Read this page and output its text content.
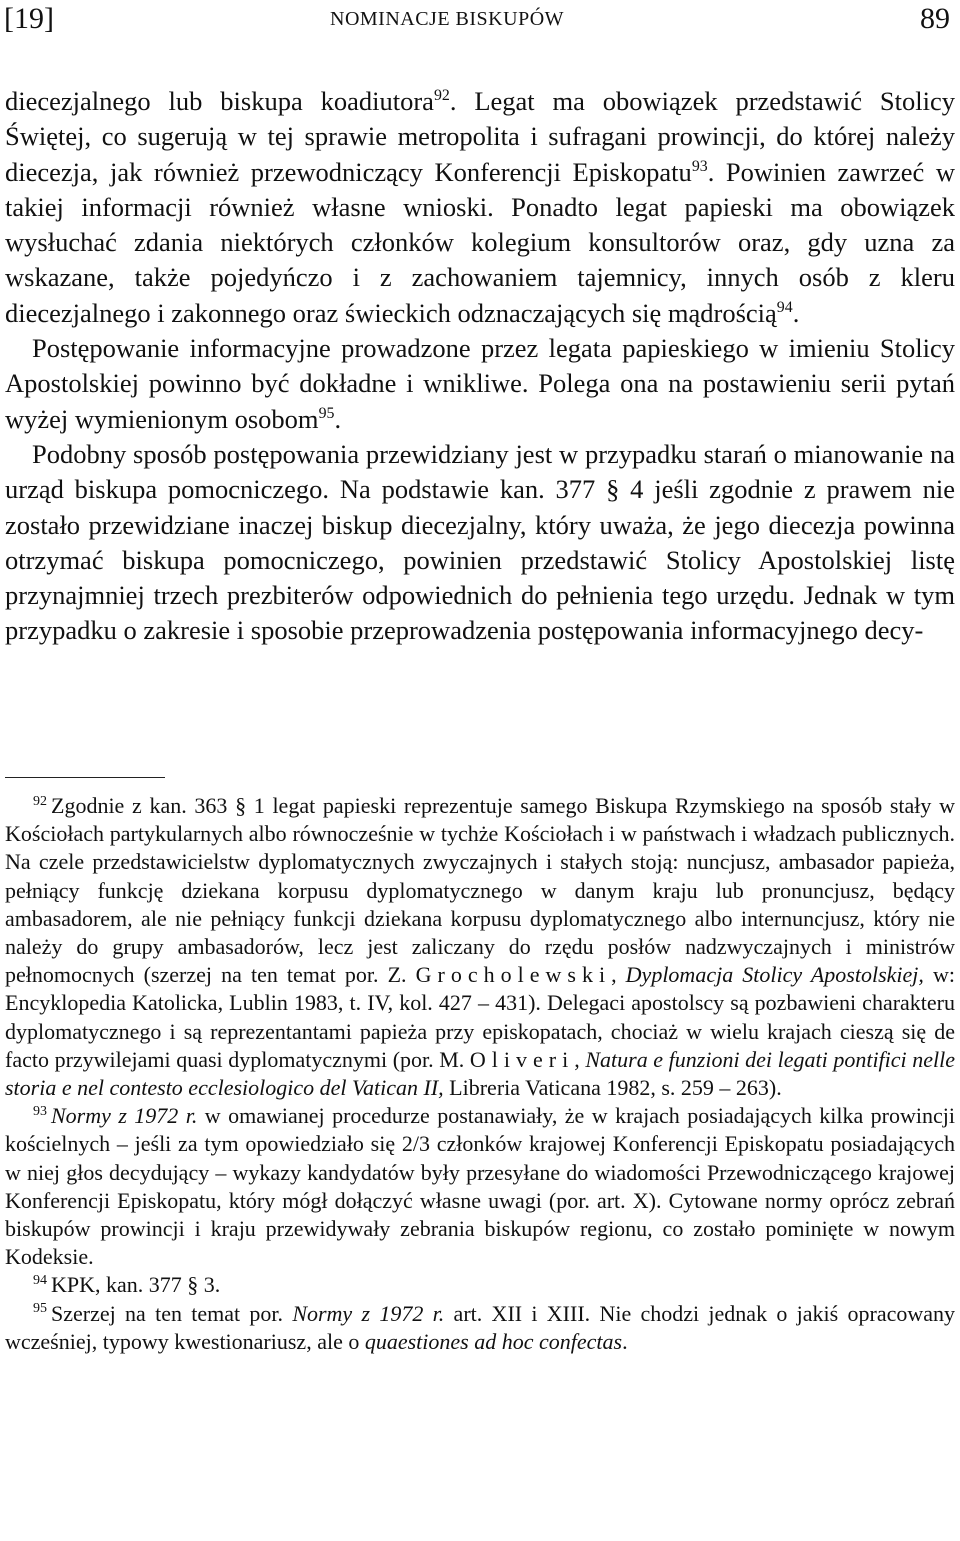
[19]	NOMINACJE BISKUPÓW	89

diecezjalnego lub biskupa koadiutora$^{92}$. Legat ma obowiązek przedstawić Stolicy Świętej, co sugerują w tej sprawie metropolita i sufragani prowincji, do której należy diecezja, jak również przewodniczący Konferencji Episkopatu$^{93}$. Powinien zawrzeć w takiej informacji również własne wnioski. Ponadto legat papieski ma obowiązek wysłuchać zdania niektórych członków kolegium konsultorów oraz, gdy uzna za wskazane, także pojedyńczo i z zachowaniem tajemnicy, innych osób z kleru diecezjalnego i zakonnego oraz świeckich odznaczających się mądrością$^{94}$.

Postępowanie informacyjne prowadzone przez legata papieskiego w imieniu Stolicy Apostolskiej powinno być dokładne i wnikliwe. Polega ona na postawieniu serii pytań wyżej wymienionym osobom$^{95}$.

Podobny sposób postępowania przewidziany jest w przypadku starań o mianowanie na urząd biskupa pomocniczego. Na podstawie kan. 377 § 4 jeśli zgodnie z prawem nie zostało przewidziane inaczej biskup diecezjalny, który uważa, że jego diecezja powinna otrzymać biskupa pomocniczego, powinien przedstawić Stolicy Apostolskiej listę przynajmniej trzech prezbiterów odpowiednich do pełnienia tego urzędu. Jednak w tym przypadku o zakresie i sposobie przeprowadzenia postępowania informacyjnego decy-

$^{92}$ Zgodnie z kan. 363 § 1 legat papieski reprezentuje samego Biskupa Rzymskiego na sposób stały w Kościołach partykularnych albo równocześnie w tychże Kościołach i w państwach i władzach publicznych. Na czele przedstawicielstw dyplomatycznych zwyczajnych i stałych stoją: nuncjusz, ambasador papieża, pełniący funkcję dziekana korpusu dyplomatycznego w danym kraju lub pronuncjusz, będący ambasadorem, ale nie pełniący funkcji dziekana korpusu dyplomatycznego albo internuncjusz, który nie należy do grupy ambasadorów, lecz jest zaliczany do rzędu posłów nadzwyczajnych i ministrów pełnomocnych (szerzej na ten temat por. Z. Grocholewski, Dyplomacja Stolicy Apostolskiej, w: Encyklopedia Katolicka, Lublin 1983, t. IV, kol. 427 – 431). Delegaci apostolscy są pozbawieni charakteru dyplomatycznego i są reprezentantami papieża przy episkopatach, chociaż w wielu krajach cieszą się de facto przywilejami quasi dyplomatycznymi (por. M. Oliveri, Natura e funzioni dei legati pontifici nelle storia e nel contesto ecclesiologico del Vatican II, Libreria Vaticana 1982, s. 259 – 263).

$^{93}$ Normy z 1972 r. w omawianej procedurze postanawiały, że w krajach posiadających kilka prowincji kościelnych – jeśli za tym opowiedziało się 2/3 członków krajowej Konferencji Episkopatu posiadających w niej głos decydujący – wykazy kandydatów były przesyłane do wiadomości Przewodniczącego krajowej Konferencji Episkopatu, który mógł dołączyć własne uwagi (por. art. X). Cytowane normy oprócz zebrań biskupów prowincji i kraju przewidywały zebrania biskupów regionu, co zostało pominięte w nowym Kodeksie.

$^{94}$ KPK, kan. 377 § 3.

$^{95}$ Szerzej na ten temat por. Normy z 1972 r. art. XII i XIII. Nie chodzi jednak o jakiś opracowany wcześniej, typowy kwestionariusz, ale o quaestiones ad hoc confectas.
